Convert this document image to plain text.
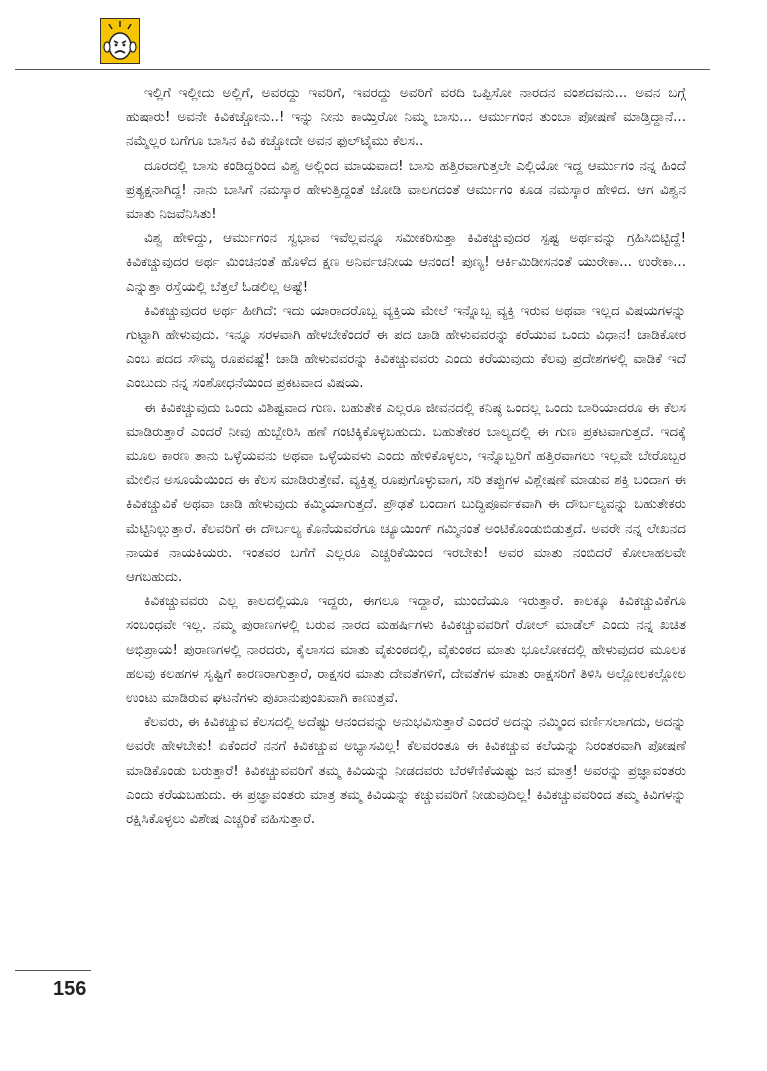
ಇಲ್ಲಿಗೆ ಇಲ್ಲೀದು ಅಲ್ಲಿಗೆ, ಅವರದ್ದು ಇವರಿಗೆ, ಇವರದ್ದು ಅವರಿಗೆ ವರದಿ ಒಪ್ಪಿಸೋ ನಾರದನ ವಂಶದವನು... ಅವನ ಬಗ್ಗೆ ಹುಷಾರು! ಅವನೇ ಕಿವಿಕಚ್ಚೋನು..! ಇನ್ನು ನೀನು ಕಾಯ್ತಿರೋ ನಿಮ್ಮ ಬಾಸು... ಆರ್ಮುಗಂನ ತುಂಬಾ ಪೋಷಣೆ ಮಾಡ್ತಿದ್ದಾನೆ... ನಮ್ಮೆಲ್ಲರ ಬಗೆಗೂ ಬಾಸಿನ ಕಿವಿ ಕಚ್ಚೋದೇ ಅವನ ಫುಲ್‌ಟೈಮು ಕೆಲಸ..

ದೂರದಲ್ಲಿ ಬಾಸು ಕಂಡಿದ್ದರಿಂದ ವಿಶ್ವ ಅಲ್ಲಿಂದ ಮಾಯವಾದ! ಬಾಸು ಹತ್ತಿರವಾಗುತ್ತಲೇ ಎಲ್ಲಿಯೋ ಇದ್ದ ಆರ್ಮುಗಂ ನನ್ನ ಹಿಂದೆ ಪ್ರತ್ಯಕ್ಷನಾಗಿದ್ದ! ನಾನು ಬಾಸಿಗೆ ನಮಸ್ಕಾರ ಹೇಳುತ್ತಿದ್ದಂತೆ ಜೋಡಿ ವಾಲಗದಂತೆ ಆರ್ಮುಗಂ ಕೂಡ ನಮಸ್ಕಾರ ಹೇಳಿದ. ಆಗ ವಿಶ್ವನ ಮಾತು ನಿಜವೆನಿಸಿತು!

ವಿಶ್ವ ಹೇಳಿದ್ದು, ಆರ್ಮುಗಂನ ಸ್ವಭಾವ ಇವೆಲ್ಲವನ್ನೂ ಸಮೀಕರಿಸುತ್ತಾ ಕಿವಿಕಚ್ಚುವುದರ ಸ್ಪಷ್ಟ ಅರ್ಥವನ್ನು ಗ್ರಹಿಸಿಬಿಟ್ಟಿದ್ದೆ! ಕಿವಿಕಚ್ಚುವುದರ ಅರ್ಥ ಮಿಂಚಿನಂತೆ ಹೊಳೆದ ಕ್ಷಣ ಅನಿರ್ವಚನೀಯ ಆನಂದ! ಪುಣ್ಯ! ಆರ್ಕಿಮಿಡೀಸನಂತೆ ಯುರೇಕಾ... ಉರೇಕಾ... ಎನ್ನುತ್ತಾ ರಸ್ತೆಯಲ್ಲಿ ಬೆತ್ತಲೆ ಓಡಲಿಲ್ಲ ಅಷ್ಟೆ!

ಕಿವಿಕಚ್ಚುವುದರ ಅರ್ಥ ಹೀಗಿದೆ: ಇದು ಯಾರಾದರೊಬ್ಬ ವ್ಯಕ್ತಿಯ ಮೇಲೆ ಇನ್ನೊಬ್ಬ ವ್ಯಕ್ತಿ ಇರುವ ಅಥವಾ ಇಲ್ಲದ ವಿಷಯಗಳನ್ನು ಗುಟ್ಟಾಗಿ ಹೇಳುವುದು. ಇನ್ನೂ ಸರಳವಾಗಿ ಹೇಳಬೇಕೆಂದರೆ ಈ ಪದ ಚಾಡಿ ಹೇಳುವವರನ್ನು ಕರೆಯುವ ಒಂದು ವಿಧಾನ! ಚಾಡಿಕೋರ ಎಂಬ ಪದದ ಸೌಮ್ಯ ರೂಪವಷ್ಟೆ! ಚಾಡಿ ಹೇಳುವವರನ್ನು ಕಿವಿಕಚ್ಚುವವರು ಎಂದು ಕರೆಯುವುದು ಕೆಲವು ಪ್ರದೇಶಗಳಲ್ಲಿ ವಾಡಿಕೆ ಇದೆ ಎಂಬುದು ನನ್ನ ಸಂಶೋಧನೆಯಿಂದ ಪ್ರಕಟವಾದ ವಿಷಯ.

ಈ ಕಿವಿಕಚ್ಚುವುದು ಒಂದು ವಿಶಿಷ್ಟವಾದ ಗುಣ. ಬಹುತೇಕ ಎಲ್ಲರೂ ಜೀವನದಲ್ಲಿ ಕನಿಷ್ಠ ಒಂದಲ್ಲ ಒಂದು ಬಾರಿಯಾದರೂ ಈ ಕೆಲಸ ಮಾಡಿರುತ್ತಾರೆ ಎಂದರೆ ನೀವು ಹುಬ್ಬೇರಿಸಿ ಹಣೆ ಗಂಟಿಕ್ಕಿಕೊಳ್ಳಬಹುದು. ಬಹುತೇಕರ ಬಾಲ್ಯದಲ್ಲಿ ಈ ಗುಣ ಪ್ರಕಟವಾಗುತ್ತದೆ. ಇದಕ್ಕೆ ಮೂಲ ಕಾರಣ ತಾನು ಒಳ್ಳೆಯವನು ಅಥವಾ ಒಳ್ಳೆಯವಳು ಎಂದು ಹೇಳಿಕೊಳ್ಳಲು, ಇನ್ನೊಬ್ಬರಿಗೆ ಹತ್ತಿರವಾಗಲು ಇಲ್ಲವೇ ಬೇರೊಬ್ಬರ ಮೇಲಿನ ಅಸೂಯೆಯಿಂದ ಈ ಕೆಲಸ ಮಾಡಿರುತ್ತೇವೆ. ವ್ಯಕ್ತಿತ್ವ ರೂಪುಗೊಳ್ಳುವಾಗ, ಸರಿ ತಪ್ಪುಗಳ ವಿಶ್ಲೇಷಣೆ ಮಾಡುವ ಶಕ್ತಿ ಬಂದಾಗ ಈ ಕಿವಿಕಚ್ಚುವಿಕೆ ಅಥವಾ ಚಾಡಿ ಹೇಳುವುದು ಕಮ್ಮಿಯಾಗುತ್ತದೆ. ಪ್ರೌಢತೆ ಬಂದಾಗ ಬುದ್ಧಿಪೂರ್ವಕವಾಗಿ ಈ ದೌರ್ಬಲ್ಯವನ್ನು ಬಹುತೇಕರು ಮೆಟ್ಟಿನಿಲ್ಲುತ್ತಾರೆ. ಕೆಲವರಿಗೆ ಈ ದೌರ್ಬಲ್ಯ ಕೊನೆಯವರೆಗೂ ಚ್ಯೂಯಿಂಗ್ ಗಮ್ಮಿನಂತೆ ಅಂಟಿಕೊಂಡುಬಿಡುತ್ತದೆ. ಅವರೇ ನನ್ನ ಲೇಖನದ ನಾಯಕ ನಾಯಕಿಯರು. ಇಂತವರ ಬಗೆಗೆ ಎಲ್ಲರೂ ಎಚ್ಚರಿಕೆಯಿಂದ ಇರಬೇಕು! ಅವರ ಮಾತು ನಂಬಿದರೆ ಕೋಲಾಹಲವೇ ಆಗಬಹುದು.

ಕಿವಿಕಚ್ಚುವವರು ಎಲ್ಲ ಕಾಲದಲ್ಲಿಯೂ ಇದ್ದರು, ಈಗಲೂ ಇದ್ದಾರೆ, ಮುಂದೆಯೂ ಇರುತ್ತಾರೆ. ಕಾಲಕ್ಕೂ ಕಿವಿಕಚ್ಚುವಿಕೆಗೂ ಸಂಬಂಧವೇ ಇಲ್ಲ. ನಮ್ಮ ಪುರಾಣಗಳಲ್ಲಿ ಬರುವ ನಾರದ ಮಹರ್ಷಿಗಳು ಕಿವಿಕಚ್ಚುವವರಿಗೆ ರೋಲ್ ಮಾಡೆಲ್ ಎಂದು ನನ್ನ ಖಚಿತ ಅಭಿಪ್ರಾಯ! ಪುರಾಣಗಳಲ್ಲಿ ನಾರದರು, ಕೈಲಾಸದ ಮಾತು ವೈಕುಂಠದಲ್ಲಿ, ವೈಕುಂಠದ ಮಾತು ಭೂಲೋಕದಲ್ಲಿ ಹೇಳುವುದರ ಮೂಲಕ ಹಲವು ಕಲಹಗಳ ಸೃಷ್ಟಿಗೆ ಕಾರಣರಾಗುತ್ತಾರೆ, ರಾಕ್ಷಸರ ಮಾತು ದೇವತೆಗಳಿಗೆ, ದೇವತೆಗಳ ಮಾತು ರಾಕ್ಷಸರಿಗೆ ತಿಳಿಸಿ ಅಲ್ಲೋಲಕಲ್ಲೋಲ ಉಂಟು ಮಾಡಿರುವ ಘಟನೆಗಳು ಪುಖಾನುಪುಂಖವಾಗಿ ಕಾಣುತ್ತವೆ.

ಕೆಲವರು, ಈ ಕಿವಿಕಚ್ಚುವ ಕೆಲಸದಲ್ಲಿ ಅದೆಷ್ಟು ಆನಂದವನ್ನು ಅನುಭವಿಸುತ್ತಾರೆ ಎಂದರೆ ಅದನ್ನು ನಮ್ಮಿಂದ ವರ್ಣಿಸಲಾಗದು, ಅದನ್ನು ಅವರೇ ಹೇಳಬೇಕು! ಏಕೆಂದರೆ ನನಗೆ ಕಿವಿಕಚ್ಚುವ ಅಭ್ಯಾಸವಿಲ್ಲ! ಕೆಲವರಂತೂ ಈ ಕಿವಿಕಚ್ಚುವ ಕಲೆಯನ್ನು ನಿರಂತರವಾಗಿ ಪೋಷಣೆ ಮಾಡಿಕೊಂಡು ಬರುತ್ತಾರೆ! ಕಿವಿಕಚ್ಚುವವರಿಗೆ ತಮ್ಮ ಕಿವಿಯನ್ನು ನೀಡದವರು ಬೆರಳೆಣಿಕೆಯಷ್ಟು ಜನ ಮಾತ್ರ! ಅವರನ್ನು ಪ್ರಜ್ಞಾವಂತರು ಎಂದು ಕರೆಯಬಹುದು. ಈ ಪ್ರಜ್ಞಾವಂತರು ಮಾತ್ರ ತಮ್ಮ ಕಿವಿಯನ್ನು ಕಚ್ಚುವವರಿಗೆ ನೀಡುವುದಿಲ್ಲ! ಕಿವಿಕಚ್ಚುವವರಿಂದ ತಮ್ಮ ಕಿವಿಗಳನ್ನು ರಕ್ಷಿಸಿಕೊಳ್ಳಲು ವಿಶೇಷ ಎಚ್ಚರಿಕೆ ವಹಿಸುತ್ತಾರೆ.

156
